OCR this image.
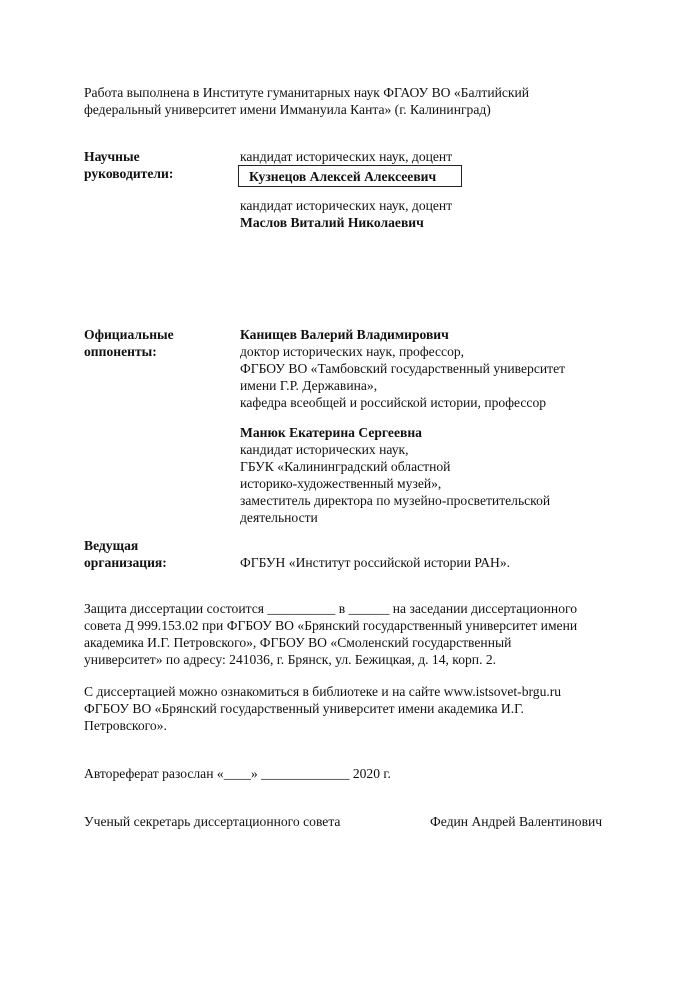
Работа выполнена в Институте гуманитарных наук ФГАОУ ВО «Балтийский
федеральный университет имени Иммануила Канта» (г. Калининград)
Научные
руководители:
кандидат исторических наук, доцент
Кузнецов Алексей Алексеевич
кандидат исторических наук, доцент
Маслов Виталий Николаевич
Официальные
оппоненты:
Канищев Валерий Владимирович
доктор исторических наук, профессор,
ФГБОУ ВО «Тамбовский государственный университет
имени Г.Р. Державина»,
кафедра всеобщей и российской истории, профессор
Манюк Екатерина Сергеевна
кандидат исторических наук,
ГБУК «Калининградский областной
историко-художественный музей»,
заместитель директора по музейно-просветительской
деятельности
Ведущая
организация:	ФГБУН «Институт российской истории РАН».
Защита диссертации состоится __________ в ______ на заседании диссертационного
совета Д 999.153.02 при ФГБОУ ВО «Брянский государственный университет имени
академика И.Г. Петровского», ФГБОУ ВО «Смоленский государственный
университет» по адресу: 241036, г. Брянск, ул. Бежицкая, д. 14, корп. 2.
С диссертацией можно ознакомиться в библиотеке и на сайте www.istsovet-brgu.ru
ФГБОУ ВО «Брянский государственный университет имени академика И.Г.
Петровского».
Автореферат разослан «____» _____________ 2020 г.
Ученый секретарь диссертационного совета	Федин Андрей Валентинович
